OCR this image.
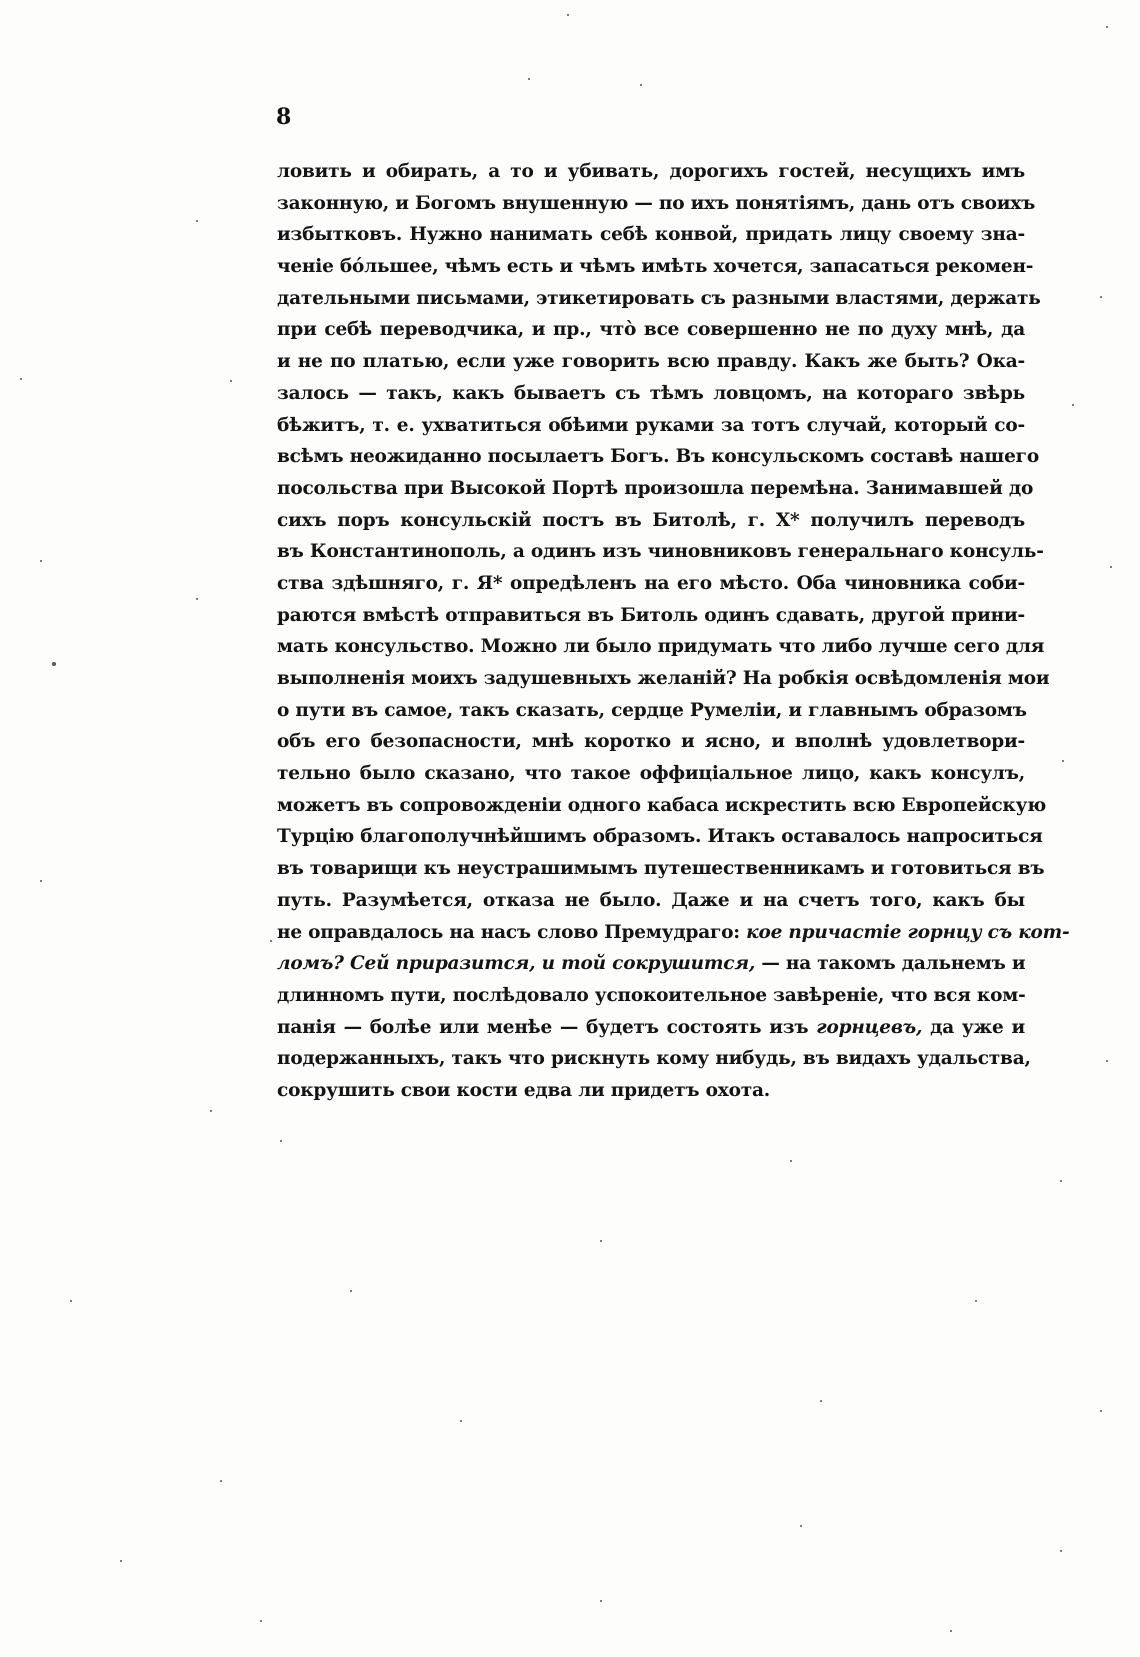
8
ловить и обирать, а то и убивать, дорогихъ гостей, несущихъ имъ
законную, и Богомъ внушенную — по ихъ понятіямъ, дань отъ своихъ
избытковъ. Нужно нанимать себѣ конвой, придать лицу своему зна-
ченіе бо́льшее, чѣмъ есть и чѣмъ имѣть хочется, запасаться рекомен-
дательными письмами, этикетировать съ разными властями, держать
при себѣ переводчика, и пр., что̀ все совершенно не по духу мнѣ, да
и не по платью, если уже говорить всю правду. Какъ же быть? Ока-
залось — такъ, какъ бываетъ съ тѣмъ ловцомъ, на котораго звѣрь
бѣжитъ, т. е. ухватиться обѣими руками за тотъ случай, который со-
всѣмъ неожиданно посылаетъ Богъ. Въ консульскомъ составѣ нашего
посольства при Высокой Портѣ произошла перемѣна. Занимавшей до
сихъ поръ консульскій постъ въ Битолѣ, г. Х* получилъ переводъ
въ Константинополь, а одинъ изъ чиновниковъ генеральнаго консуль-
ства здѣшняго, г. Я* опредѣленъ на его мѣсто. Оба чиновника соби-
раются вмѣстѣ отправиться въ Битоль одинъ сдавать, другой прини-
мать консульство. Можно ли было придумать что либо лучше сего для
выполненія моихъ задушевныхъ желаній? На робкія освѣдомленія мои
о пути въ самое, такъ сказать, сердце Румеліи, и главнымъ образомъ
объ его безопасности, мнѣ коротко и ясно, и вполнѣ удовлетвори-
тельно было сказано, что такое оффиціальное лицо, какъ консулъ,
можетъ въ сопровожденіи одного кабаса искрестить всю Европейскую
Турцію благополучнѣйшимъ образомъ. Итакъ оставалось напроситься
въ товарищи къ неустрашимымъ путешественникамъ и готовиться въ
путь. Разумѣется, отказа не было. Даже и на счетъ того, какъ бы
не оправдалось на насъ слово Премудраго: кое причастіе горнцу съ кот-
ломъ? Сей приразится, и той сокрушится, — на такомъ дальнемъ и
длинномъ пути, послѣдовало успокоительное завѣреніе, что вся ком-
панія — болѣе или менѣе — будетъ состоять изъ горнцевъ, да уже и
подержанныхъ, такъ что рискнуть кому нибудь, въ видахъ удальства,
сокрушить свои кости едва ли придетъ охота.
